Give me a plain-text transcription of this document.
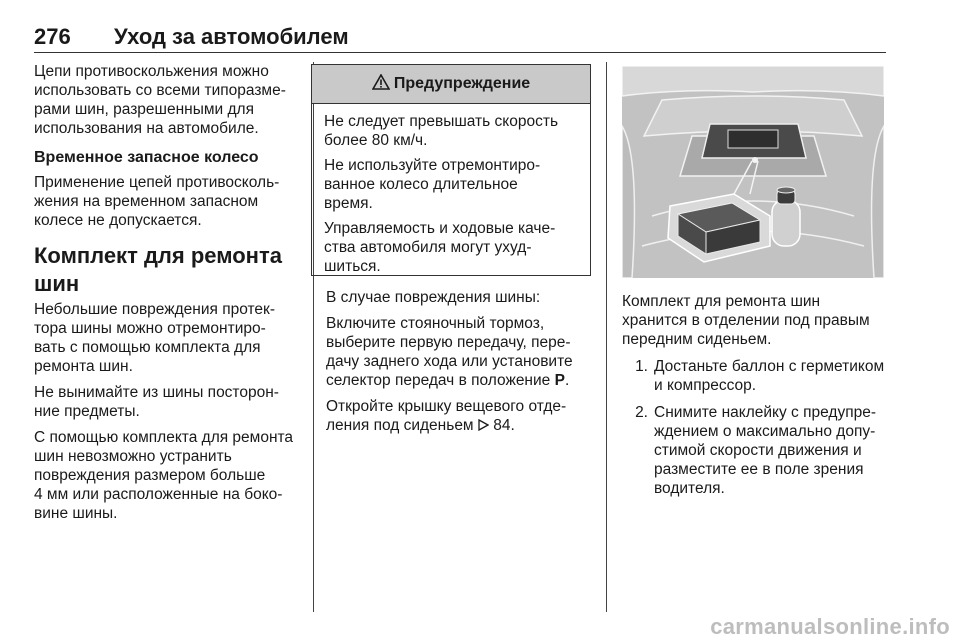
276 Уход за автомобилем

Цепи противоскольжения можно
использовать со всеми типоразме-
рами шин, разрешенными для
использования на автомобиле.

Временное запасное колесо

Применение цепей противосколь-
жения на временном запасном
колесе не допускается.

Комплект для ремонта
шин

Небольшие повреждения протек-
тора шины можно отремонтиро-
вать с помощью комплекта для
ремонта шин.

Не вынимайте из шины посторон-
ние предметы.

С помощью комплекта для ремонта
шин невозможно устранить
повреждения размером больше
4 мм или расположенные на боко-
вине шины.

Предупреждение

Не следует превышать скорость
более 80 км/ч.

Не используйте отремонтиро-
ванное колесо длительное
время.

Управляемость и ходовые каче-
ства автомобиля могут ухуд-
шиться.

В случае повреждения шины:

Включите стояночный тормоз,
выберите первую передачу, пере-
дачу заднего хода или установите
селектор передач в положение P.

Откройте крышку вещевого отде-
ления под сиденьем  84.

Комплект для ремонта шин
хранится в отделении под правым
передним сиденьем.

1. Достаньте баллон с герметиком
и компрессор.
2. Снимите наклейку с предупре-
ждением о максимально допу-
стимой скорости движения и
разместите ее в поле зрения
водителя.
carmanualsonline.info
